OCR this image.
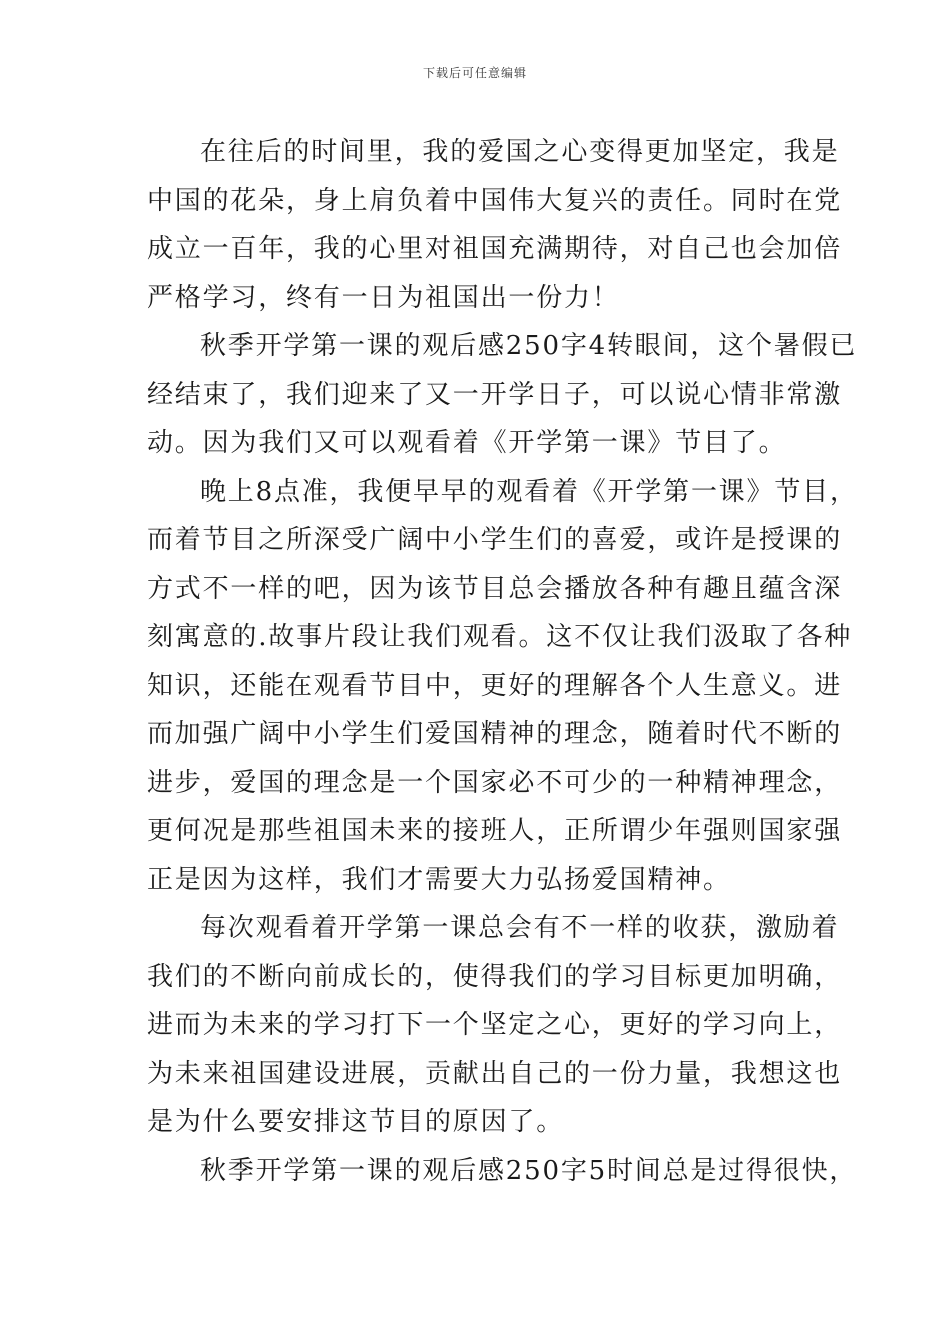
下载后可任意编辑

在往后的时间里，我的爱国之心变得更加坚定，我是
中国的花朵，身上肩负着中国伟大复兴的责任。同时在党
成立一百年，我的心里对祖国充满期待，对自己也会加倍
严格学习，终有一日为祖国出一份力！

秋季开学第一课的观后感250字4转眼间，这个暑假已
经结束了，我们迎来了又一开学日子，可以说心情非常激
动。因为我们又可以观看着《开学第一课》节目了。

晚上8点准，我便早早的观看着《开学第一课》节目，
而着节目之所深受广阔中小学生们的喜爱，或许是授课的
方式不一样的吧，因为该节目总会播放各种有趣且蕴含深
刻寓意的.故事片段让我们观看。这不仅让我们汲取了各种
知识，还能在观看节目中，更好的理解各个人生意义。进
而加强广阔中小学生们爱国精神的理念，随着时代不断的
进步，爱国的理念是一个国家必不可少的一种精神理念，
更何况是那些祖国未来的接班人，正所谓少年强则国家强
正是因为这样，我们才需要大力弘扬爱国精神。

每次观看着开学第一课总会有不一样的收获，激励着
我们的不断向前成长的，使得我们的学习目标更加明确，
进而为未来的学习打下一个坚定之心，更好的学习向上，
为未来祖国建设进展，贡献出自己的一份力量，我想这也
是为什么要安排这节目的原因了。

秋季开学第一课的观后感250字5时间总是过得很快，
